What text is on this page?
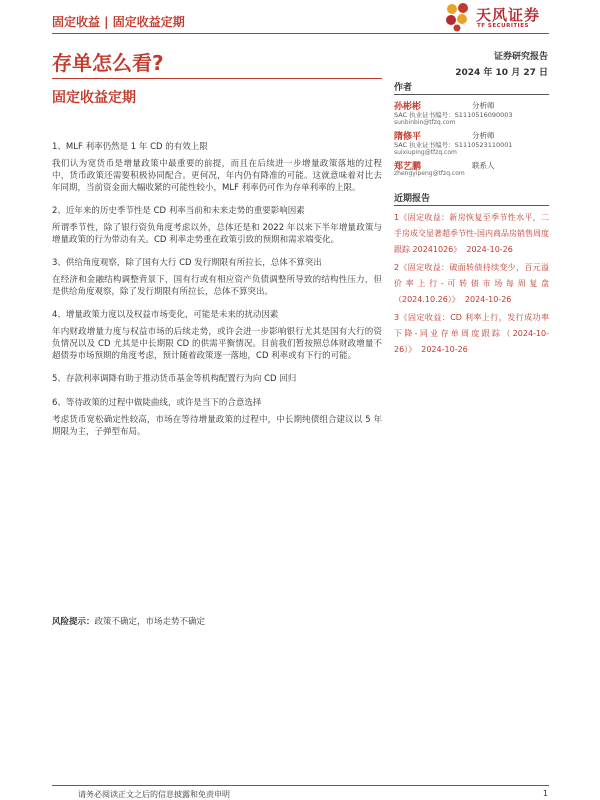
固定收益 | 固定收益定期	天风证券
TF SECURITIES
存单怎么看?
固定收益定期
证券研究报告
2024 年 10 月 27 日
1、MLF 利率仍然是 1 年 CD 的有效上限
我们认为宽货币是增量政策中最重要的前提，而且在后续进一步增量政策落地的过程中，货币政策还需要积极协同配合。更何况，年内仍有降准的可能。这就意味着对比去年同期，当前资金面大幅收紧的可能性较小，MLF 利率仍可作为存单利率的上限。
2、近年来的历史季节性是 CD 利率当前和未来走势的重要影响因素
所谓季节性，除了银行资负角度考虑以外，总体还是和 2022 年以来下半年增量政策与增量政策的行为带动有关。CD 利率走势重在政策引致的预期和需求端变化。
3、供给角度观察，除了国有大行 CD 发行期限有所拉长，总体不算突出
在经济和金融结构调整背景下，国有行或有相应资产负债调整所导致的结构性压力，但是供给角度观察，除了发行期限有所拉长，总体不算突出。
4、增量政策力度以及权益市场变化，可能是未来的扰动因素
年内财政增量力度与权益市场的后续走势，或许会进一步影响银行尤其是国有大行的资负情况以及 CD 尤其是中长期限 CD 的供需平衡情况。目前我们暂按照总体财政增量不超债券市场预期的角度考虑，预计随着政策逐一落地，CD 利率或有下行的可能。
5、存款利率调降有助于推动货币基金等机构配置行为向 CD 回归
6、等待政策的过程中做陡曲线，或许是当下的合意选择
考虑货币宽松确定性较高，市场在等待增量政策的过程中，中长期纯债组合建议以 5 年期限为主，子弹型布局。
风险提示：政策不确定，市场走势不确定
作者
孙彬彬	分析师
SAC 执业证书编号：S1110516090003
sunbinbin@tfzq.com
隋修平	分析师
SAC 执业证书编号：S1110523110001
suixiuping@tfzq.com
郑艺鹏	联系人
zhengyipeng@tfzq.com
近期报告
1《固定收益：新房恢复至季节性水平，二手房成交显著超季节性-国内商品房销售周度跟踪 20241026》 2024-10-26
2《固定收益：破面转债持续变少，百元溢价率上行-可转债市场每周复盘（2024.10.26）》 2024-10-26
3《固定收益：CD 利率上行，发行成功率下降-同业存单周度跟踪（2024-10-26）》 2024-10-26
请务必阅读正文之后的信息披露和免责申明	1
